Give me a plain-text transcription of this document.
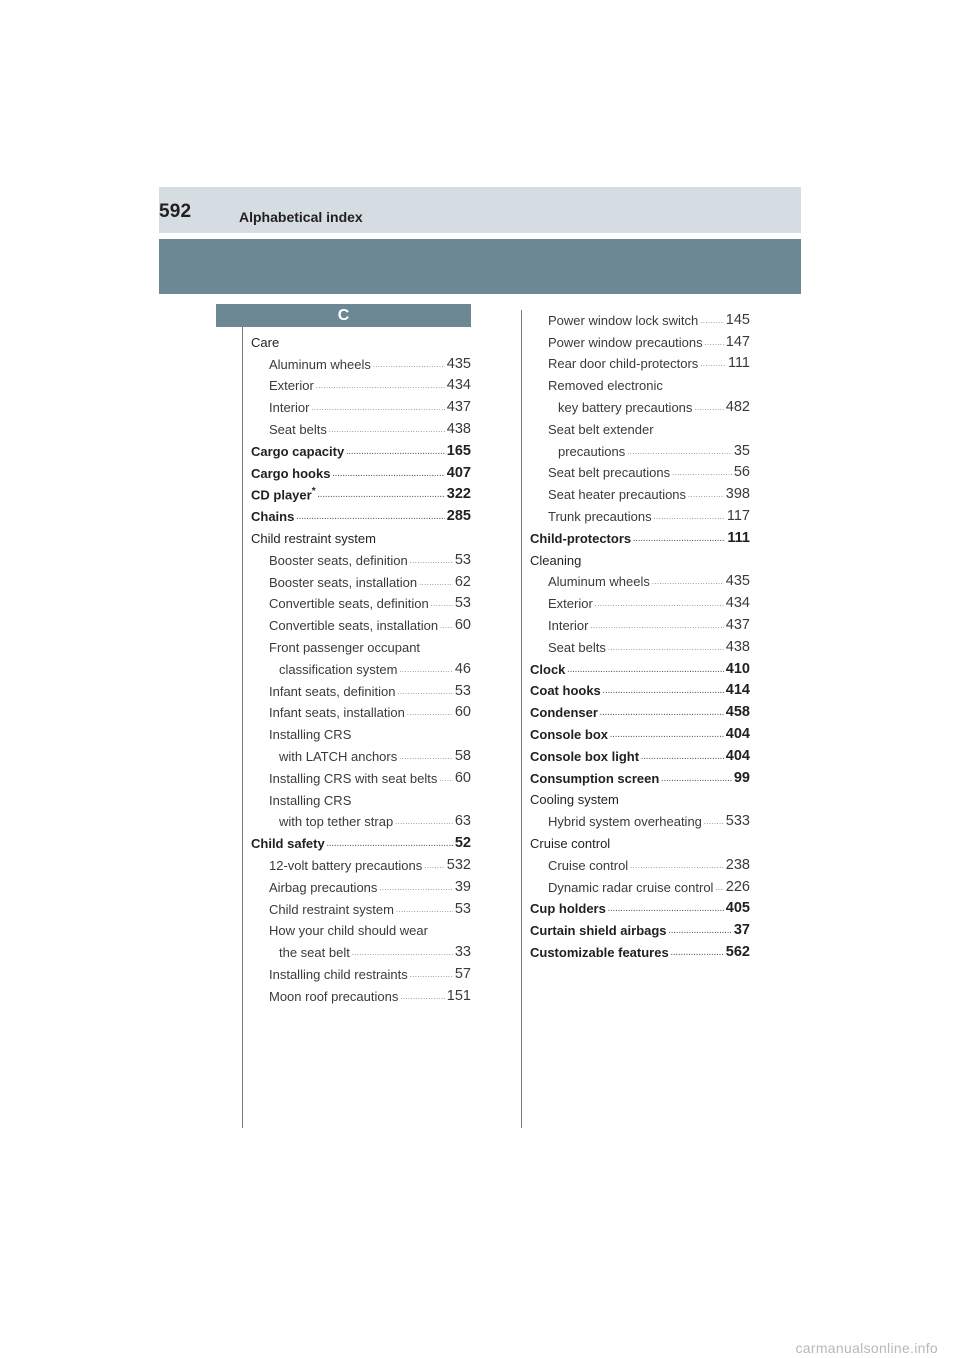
592	Alphabetical index
C
Care
Aluminum wheels .....	435
Exterior .....	434
Interior .....	437
Seat belts .....	438
Cargo capacity .....	165
Cargo hooks .....	407
CD player* .....	322
Chains .....	285
Child restraint system
Booster seats, definition .....	53
Booster seats, installation .....	62
Convertible seats, definition ..... 53
Convertible seats, installation ..... 60
Front passenger occupant
classification system .....	46
Infant seats, definition .....	53
Infant seats, installation .....	60
Installing CRS
with LATCH anchors .....	58
Installing CRS with seat belts ..... 60
Installing CRS
with top tether strap .....	63
Child safety .....	52
12-volt battery precautions ..... 532
Airbag precautions .....	39
Child restraint system .....	53
How your child should wear
the seat belt .....	33
Installing child restraints .....	57
Moon roof precautions .....	151
Power window lock switch ..... 145
Power window precautions ..... 147
Rear door child-protectors ..... 111
Removed electronic
key battery precautions ..... 482
Seat belt extender
precautions .....	35
Seat belt precautions .....	56
Seat heater precautions .....	398
Trunk precautions .....	117
Child-protectors .....	111
Cleaning
Aluminum wheels .....	435
Exterior .....	434
Interior .....	437
Seat belts .....	438
Clock .....	410
Coat hooks .....	414
Condenser .....	458
Console box .....	404
Console box light .....	404
Consumption screen .....	99
Cooling system
Hybrid system overheating ..... 533
Cruise control
Cruise control .....	238
Dynamic radar cruise control ..... 226
Cup holders .....	405
Curtain shield airbags .....	37
Customizable features .....	562
carmanualsonline.info
